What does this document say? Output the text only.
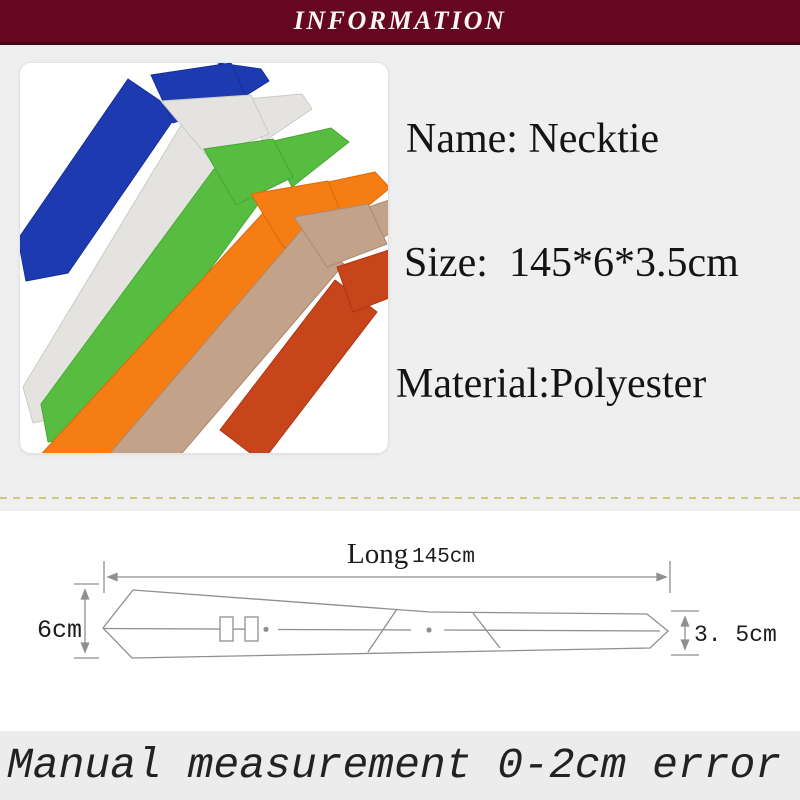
INFORMATION
Name: Necktie
Size:  145*6*3.5cm
Material:Polyester
Long 145cm
6cm	3. 5cm
Manual measurement 0-2cm error
